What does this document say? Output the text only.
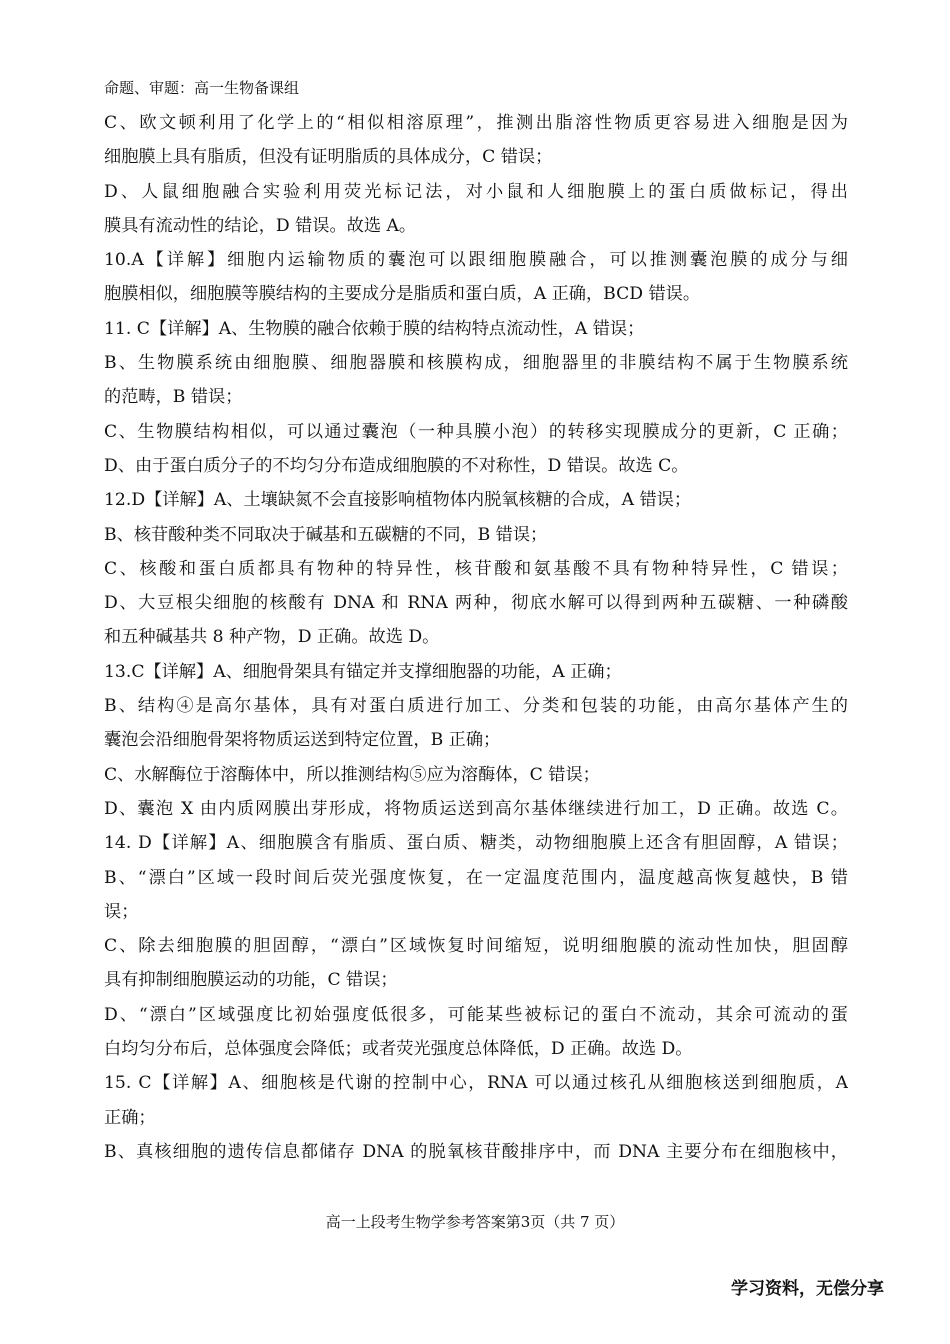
命题、审题：高一生物备课组
C、欧文顿利用了化学上的“相似相溶原理”，推测出脂溶性物质更容易进入细胞是因为
细胞膜上具有脂质，但没有证明脂质的具体成分，C 错误；
D、人鼠细胞融合实验利用荧光标记法，对小鼠和人细胞膜上的蛋白质做标记，得出
膜具有流动性的结论，D 错误。故选 A。
10.A【详解】细胞内运输物质的囊泡可以跟细胞膜融合，可以推测囊泡膜的成分与细
胞膜相似，细胞膜等膜结构的主要成分是脂质和蛋白质，A 正确，BCD 错误。
11. C【详解】A、生物膜的融合依赖于膜的结构特点流动性，A 错误；
B、生物膜系统由细胞膜、细胞器膜和核膜构成，细胞器里的非膜结构不属于生物膜系统
的范畴，B 错误；
C、生物膜结构相似，可以通过囊泡（一种具膜小泡）的转移实现膜成分的更新，C 正确；
D、由于蛋白质分子的不均匀分布造成细胞膜的不对称性，D 错误。故选 C。
12.D【详解】A、土壤缺氮不会直接影响植物体内脱氧核糖的合成，A 错误；
B、核苷酸种类不同取决于碱基和五碳糖的不同，B 错误；
C、核酸和蛋白质都具有物种的特异性，核苷酸和氨基酸不具有物种特异性，C 错误；
D、大豆根尖细胞的核酸有 DNA 和 RNA 两种，彻底水解可以得到两种五碳糖、一种磷酸
和五种碱基共 8 种产物，D 正确。故选 D。
13.C【详解】A、细胞骨架具有锚定并支撑细胞器的功能，A 正确；
B、结构④是高尔基体，具有对蛋白质进行加工、分类和包装的功能，由高尔基体产生的
囊泡会沿细胞骨架将物质运送到特定位置，B 正确；
C、水解酶位于溶酶体中，所以推测结构⑤应为溶酶体，C 错误；
D、囊泡 X 由内质网膜出芽形成，将物质运送到高尔基体继续进行加工，D 正确。故选 C。
14. D【详解】A、细胞膜含有脂质、蛋白质、糖类，动物细胞膜上还含有胆固醇，A 错误；
B、“漂白”区域一段时间后荧光强度恢复，在一定温度范围内，温度越高恢复越快，B 错
误；
C、除去细胞膜的胆固醇，“漂白”区域恢复时间缩短，说明细胞膜的流动性加快，胆固醇
具有抑制细胞膜运动的功能，C 错误；
D、“漂白”区域强度比初始强度低很多，可能某些被标记的蛋白不流动，其余可流动的蛋
白均匀分布后，总体强度会降低；或者荧光强度总体降低，D 正确。故选 D。
15. C【详解】A、细胞核是代谢的控制中心，RNA 可以通过核孔从细胞核送到细胞质，A
正确；
B、真核细胞的遗传信息都储存 DNA 的脱氧核苷酸排序中，而 DNA 主要分布在细胞核中，
高一上段考生物学参考答案第3页（共 7 页）
学习资料，无偿分享
